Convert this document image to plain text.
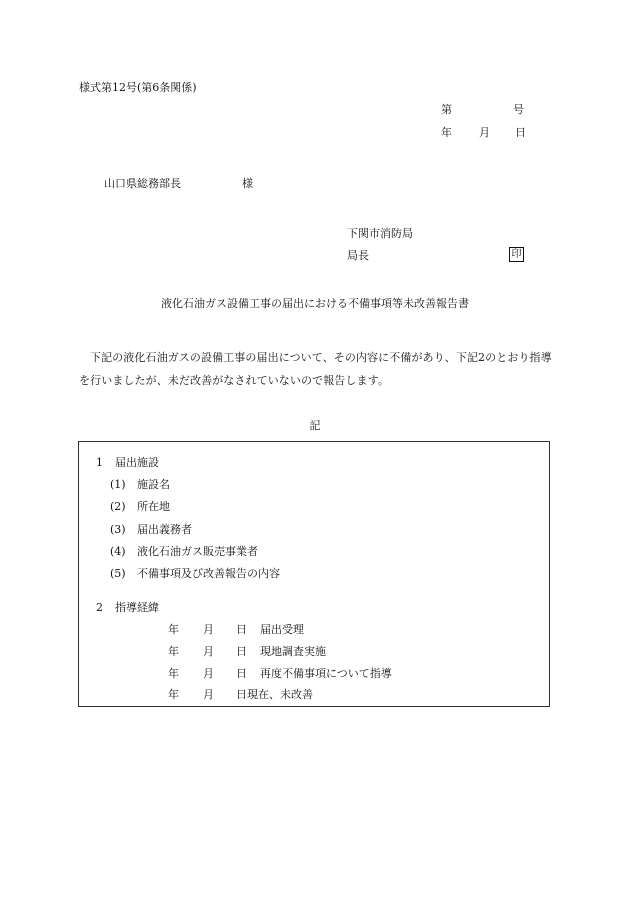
様式第12号(第6条関係)
第	号
年 月 日
山口県総務部長	様
下関市消防局
局長	印
液化石油ガス設備工事の届出における不備事項等未改善報告書
下記の液化石油ガスの設備工事の届出について、その内容に不備があり、下記2のとおり指導を行いましたが、未だ改善がなされていないので報告します。
記
1 届出施設
(1) 施設名
(2) 所在地
(3) 届出義務者
(4) 液化石油ガス販売事業者
(5) 不備事項及び改善報告の内容
2 指導経緯
年 月 日 届出受理
年 月 日 現地調査実施
年 月 日 再度不備事項について指導
年 月 日現在、未改善
